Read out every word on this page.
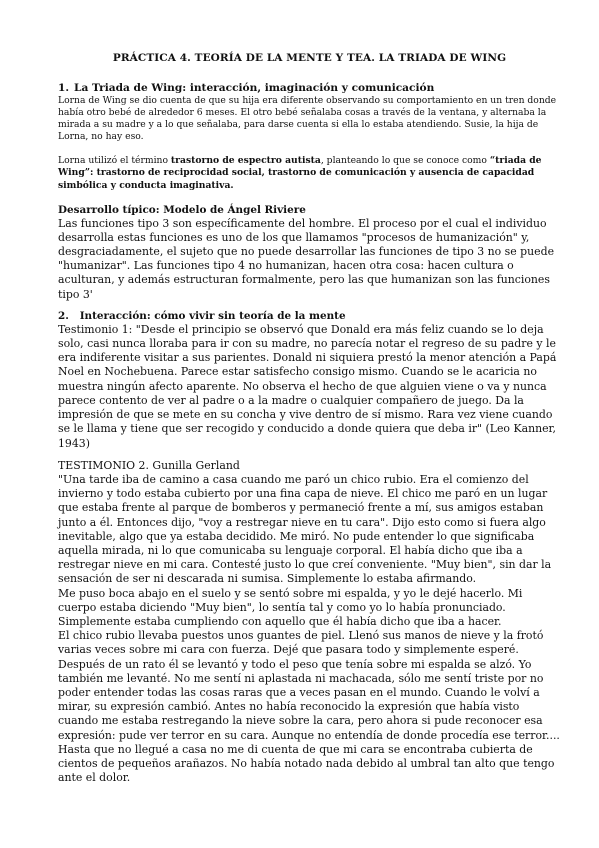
PRÁCTICA 4. TEORÍA DE LA MENTE Y TEA. LA TRIADA DE WING
1. La Triada de Wing: interacción, imaginación y comunicación

Lorna de Wing se dio cuenta de que su hija era diferente observando su comportamiento en un tren donde había otro bebé de alrededor 6 meses. El otro bebé señalaba cosas a través de la ventana, y alternaba la mirada a su madre y a lo que señalaba, para darse cuenta si ella lo estaba atendiendo. Susie, la hija de Lorna, no hay eso.

Lorna utilizó el término trastorno de espectro autista, planteando lo que se conoce como “triada de Wing”: trastorno de reciprocidad social, trastorno de comunicación y ausencia de capacidad simbólica y conducta imaginativa.

Desarrollo típico: Modelo de Ángel Riviere

Las funciones tipo 3 son específicamente del hombre. El proceso por el cual el individuo desarrolla estas funciones es uno de los que llamamos "procesos de humanización" y, desgraciadamente, el sujeto que no puede desarrollar las funciones de tipo 3 no se puede "humanizar". Las funciones tipo 4 no humanizan, hacen otra cosa: hacen cultura o aculturan, y además estructuran formalmente, pero las que humanizan son las funciones tipo 3'

2.   Interacción: cómo vivir sin teoría de la mente

Testimonio 1: "Desde el principio se observó que Donald era más feliz cuando se lo deja solo, casi nunca lloraba para ir con su madre, no parecía notar el regreso de su padre y le era indiferente visitar a sus parientes. Donald ni siquiera prestó la menor atención a Papá Noel en Nochebuena. Parece estar satisfecho consigo mismo. Cuando se le acaricia no muestra ningún afecto aparente. No observa el hecho de que alguien viene o va y nunca parece contento de ver al padre o a la madre o cualquier compañero de juego. Da la impresión de que se mete en su concha y vive dentro de sí mismo. Rara vez viene cuando se le llama y tiene que ser recogido y conducido a donde quiera que deba ir" (Leo Kanner, 1943)

TESTIMONIO 2. Gunilla Gerland

"Una tarde iba de camino a casa cuando me paró un chico rubio. Era el comienzo del invierno y todo estaba cubierto por una fina capa de nieve. El chico me paró en un lugar que estaba frente al parque de bomberos y permaneció frente a mí, sus amigos estaban junto a él. Entonces dijo, "voy a restregar nieve en tu cara". Dijo esto como si fuera algo inevitable, algo que ya estaba decidido. Me miró. No pude entender lo que significaba aquella mirada, ni lo que comunicaba su lenguaje corporal. El había dicho que iba a restregar nieve en mi cara. Contesté justo lo que creí conveniente. "Muy bien", sin dar la sensación de ser ni descarada ni sumisa. Simplemente lo estaba afirmando.

Me puso boca abajo en el suelo y se sentó sobre mi espalda, y yo le dejé hacerlo. Mi cuerpo estaba diciendo "Muy bien", lo sentía tal y como yo lo había pronunciado. Simplemente estaba cumpliendo con aquello que él había dicho que iba a hacer.

El chico rubio llevaba puestos unos guantes de piel. Llenó sus manos de nieve y la frotó varias veces sobre mi cara con fuerza. Dejé que pasara todo y simplemente esperé. Después de un rato él se levantó y todo el peso que tenía sobre mi espalda se alzó. Yo también me levanté. No me sentí ni aplastada ni machacada, sólo me sentí triste por no poder entender todas las cosas raras que a veces pasan en el mundo. Cuando le volví a mirar, su expresión cambió. Antes no había reconocido la expresión que había visto cuando me estaba restregando la nieve sobre la cara, pero ahora si pude reconocer esa expresión: pude ver terror en su cara. Aunque no entendía de donde procedía ese terror....

Hasta que no llegué a casa no me di cuenta de que mi cara se encontraba cubierta de cientos de pequeños arañazos. No había notado nada debido al umbral tan alto que tengo ante el dolor.
